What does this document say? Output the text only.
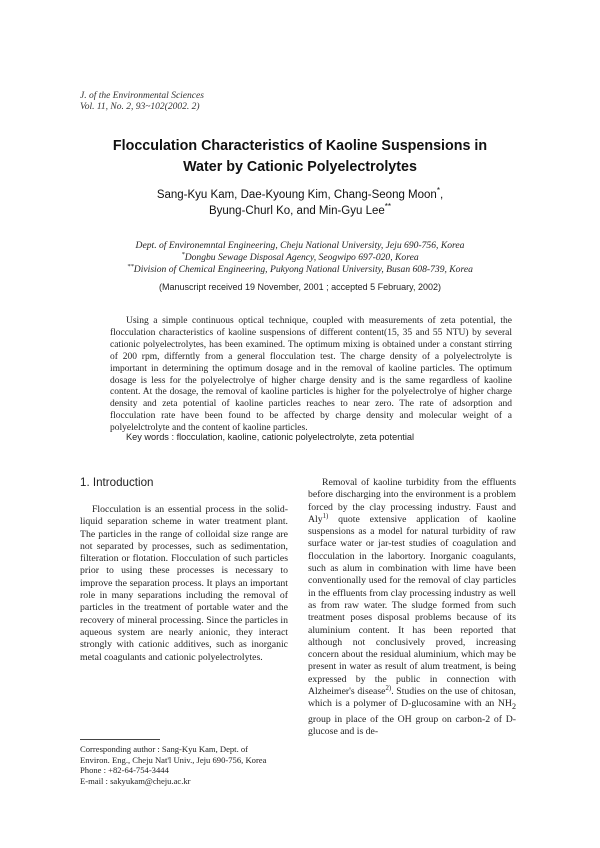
J. of the Environmental Sciences
Vol. 11, No. 2, 93~102(2002. 2)
Flocculation Characteristics of Kaoline Suspensions in
Water by Cationic Polyelectrolytes
Sang-Kyu Kam, Dae-Kyoung Kim, Chang-Seong Moon*,
Byung-Churl Ko, and Min-Gyu Lee**
Dept. of Environemntal Engineering, Cheju National University, Jeju 690-756, Korea
*Dongbu Sewage Disposal Agency, Seogwipo 697-020, Korea
**Division of Chemical Engineering, Pukyong National University, Busan 608-739, Korea
(Manuscript received 19 November, 2001 ; accepted 5 February, 2002)

Using a simple continuous optical technique, coupled with measurements of zeta potential, the flocculation characteristics of kaoline suspensions of different content(15, 35 and 55 NTU) by several cationic polyelectrolytes, has been examined. The optimum mixing is obtained under a constant stirring of 200 rpm, differntly from a general flocculation test. The charge density of a polyelectrolyte is important in determining the optimum dosage and in the removal of kaoline particles. The optimum dosage is less for the polyelectrolye of higher charge density and is the same regardless of kaoline content. At the dosage, the removal of kaoline particles is higher for the polyelectrolye of higher charge density and zeta potential of kaoline particles reaches to near zero. The rate of adsorption and flocculation rate have been found to be affected by charge density and molecular weight of a polyelelctrolyte and the content of kaoline particles.

Key words : flocculation, kaoline, cationic polyelectrolyte, zeta potential
1. Introduction

Flocculation is an essential process in the solid-liquid separation scheme in water treatment plant. The particles in the range of colloidal size range are not separated by processes, such as sedimentation, filteration or flotation. Flocculation of such particles prior to using these processes is necessary to improve the separation process. It plays an important role in many separations including the removal of particles in the treatment of portable water and the recovery of mineral processing. Since the particles in aqueous system are nearly anionic, they interact strongly with cationic additives, such as inorganic metal coagulants and cationic polyelectrolytes.

Removal of kaoline turbidity from the effluents before discharging into the environment is a problem forced by the clay processing industry. Faust and Aly$^{1)}$ quote extensive application of kaoline suspensions as a model for natural turbidity of raw surface water or jar-test studies of coagulation and flocculation in the labortory. Inorganic coagulants, such as alum in combination with lime have been conventionally used for the removal of clay particles in the effluents from clay processing industry as well as from raw water. The sludge formed from such treatment poses disposal problems because of its aluminium content. It has been reported that although not conclusively proved, increasing concern about the residual aluminium, which may be present in water as result of alum treatment, is being expressed by the public in connection with Alzheimer's disease$^{2)}$. Studies on the use of chitosan, which is a polymer of D-glucosamine with an $NH_2$ group in place of the OH group on carbon-2 of D-glucose and is de-

Corresponding author : Sang-Kyu Kam, Dept. of
Environ. Eng., Cheju Nat'l Univ., Jeju 690-756, Korea
Phone : +82-64-754-3444
E-mail : sakyukam@cheju.ac.kr
